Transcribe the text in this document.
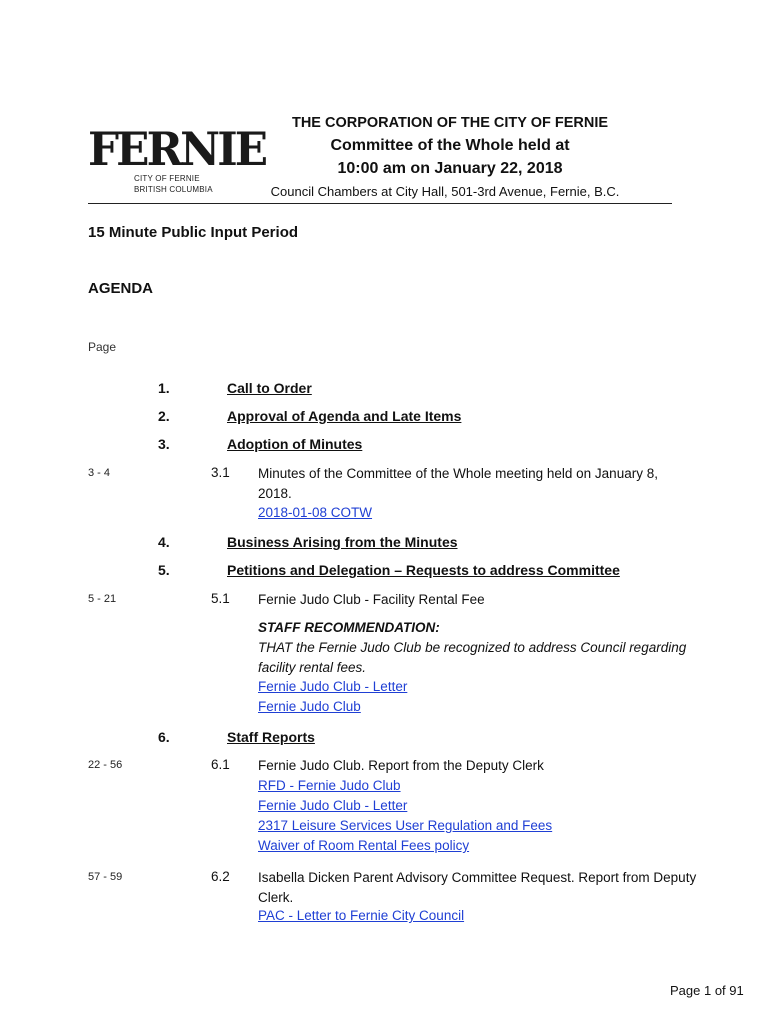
FERNIE
CITY OF FERNIE
BRITISH COLUMBIA
THE CORPORATION OF THE CITY OF FERNIE
Committee of the Whole held at
10:00 am on January 22, 2018
Council Chambers at City Hall, 501-3rd Avenue, Fernie, B.C.
15 Minute Public Input Period
AGENDA
Page
1.	Call to Order
2.	Approval of Agenda and Late Items
3.	Adoption of Minutes
3 - 4	3.1 Minutes of the Committee of the Whole meeting held on January 8,
2018.
2018-01-08 COTW
4.	Business Arising from the Minutes
5.	Petitions and Delegation – Requests to address Committee
5 - 21	5.1 Fernie Judo Club - Facility Rental Fee
STAFF RECOMMENDATION:
THAT the Fernie Judo Club be recognized to address Council regarding
facility rental fees.
Fernie Judo Club - Letter
Fernie Judo Club
6.	Staff Reports
22 - 56	6.1 Fernie Judo Club. Report from the Deputy Clerk
RFD - Fernie Judo Club
Fernie Judo Club - Letter
2317 Leisure Services User Regulation and Fees
Waiver of Room Rental Fees policy
57 - 59	6.2 Isabella Dicken Parent Advisory Committee Request. Report from Deputy
Clerk.
PAC - Letter to Fernie City Council
Page 1 of 91
